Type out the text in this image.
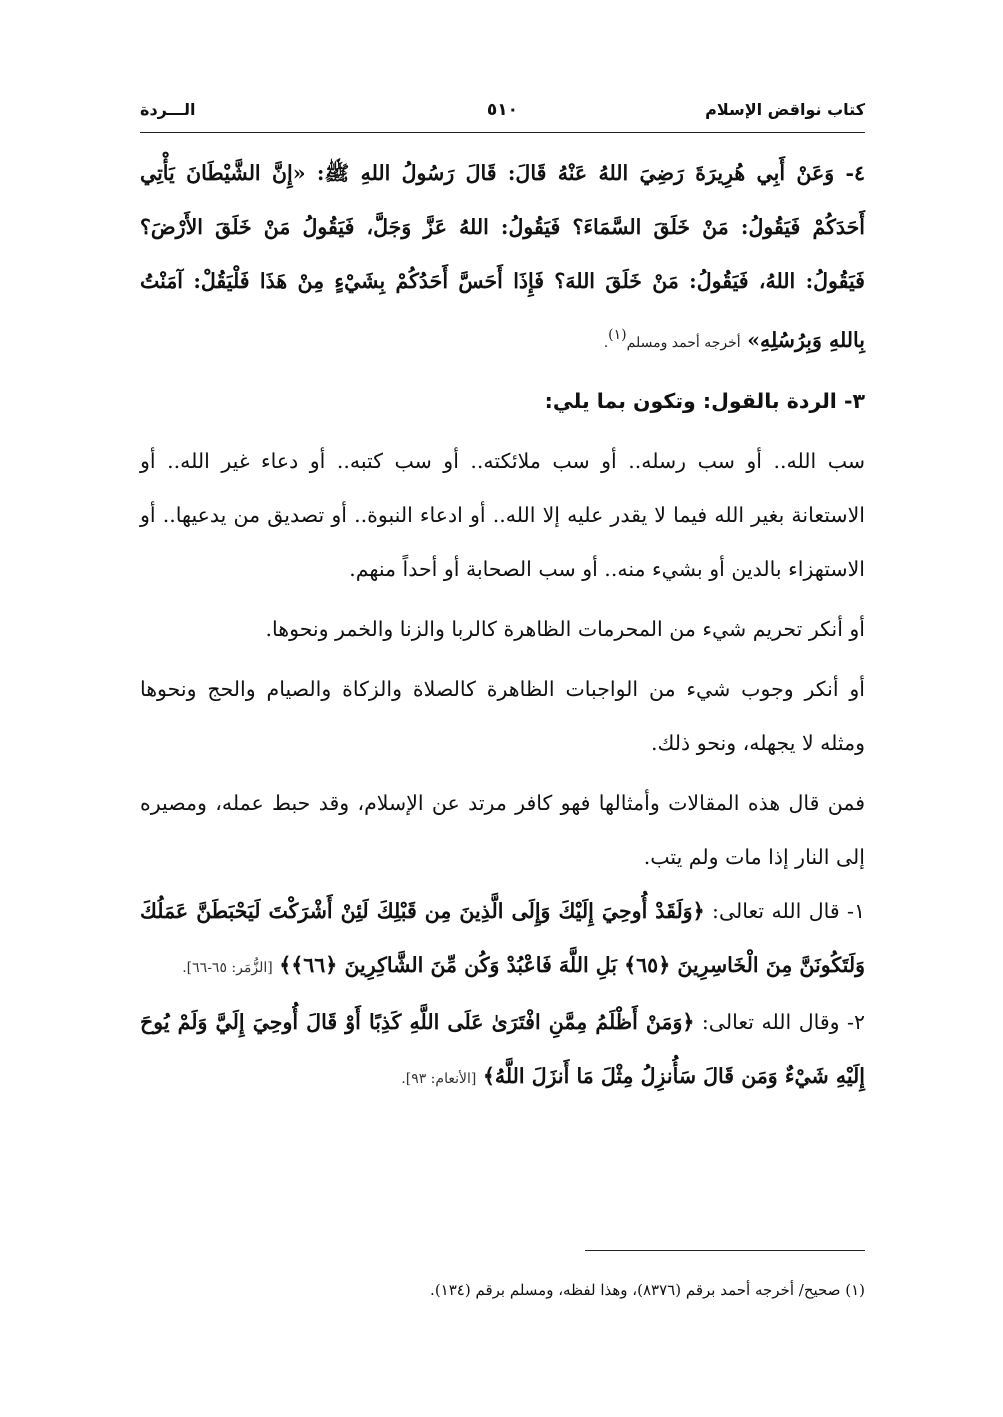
كتاب نواقض الإسلام
٥١٠
الـــردة

٤- وَعَنْ أَبِي هُرِيرَةَ رَضِيَ اللهُ عَنْهُ قَالَ: قَالَ رَسُولُ اللهِ ﷺ: «إِنَّ الشَّيْطَانَ يَأْتِي أَحَدَكُمْ فَيَقُولُ: مَنْ خَلَقَ السَّمَاءَ؟ فَيَقُولُ: اللهُ عَزَّ وَجَلَّ، فَيَقُولُ مَنْ خَلَقَ الأَرْضَ؟ فَيَقُولُ: اللهُ، فَيَقُولُ: مَنْ خَلَقَ اللهَ؟ فَإِذَا أَحَسَّ أَحَدُكُمْ بِشَيْءٍ مِنْ هَذَا فَلْيَقُلْ: آمَنْتُ بِاللهِ وَبِرُسُلِهِ» أخرجه أحمد ومسلم$^{(١)}$.

٣- الردة بالقول: وتكون بما يلي:

سب الله.. أو سب رسله.. أو سب ملائكته.. أو سب كتبه.. أو دعاء غير الله.. أو الاستعانة بغير الله فيما لا يقدر عليه إلا الله.. أو ادعاء النبوة.. أو تصديق من يدعيها.. أو الاستهزاء بالدين أو بشيء منه.. أو سب الصحابة أو أحداً منهم.

أو أنكر تحريم شيء من المحرمات الظاهرة كالربا والزنا والخمر ونحوها.

أو أنكر وجوب شيء من الواجبات الظاهرة كالصلاة والزكاة والصيام والحج ونحوها ومثله لا يجهله، ونحو ذلك.

فمن قال هذه المقالات وأمثالها فهو كافر مرتد عن الإسلام، وقد حبط عمله، ومصيره إلى النار إذا مات ولم يتب.

١- قال الله تعالى: ﴿وَلَقَدْ أُوحِيَ إِلَيْكَ وَإِلَى الَّذِينَ مِن قَبْلِكَ لَئِنْ أَشْرَكْتَ لَيَحْبَطَنَّ عَمَلُكَ وَلَتَكُونَنَّ مِنَ الْخَاسِرِينَ ﴿٦٥﴾ بَلِ اللَّهَ فَاعْبُدْ وَكُن مِّنَ الشَّاكِرِينَ ﴿٦٦﴾﴾ [الزُّمَر: ٦٥-٦٦].

٢- وقال الله تعالى: ﴿وَمَنْ أَظْلَمُ مِمَّنِ افْتَرَىٰ عَلَى اللَّهِ كَذِبًا أَوْ قَالَ أُوحِيَ إِلَيَّ وَلَمْ يُوحَ إِلَيْهِ شَيْءٌ وَمَن قَالَ سَأُنزِلُ مِثْلَ مَا أَنزَلَ اللَّهُ﴾ [الأنعام: ٩٣].

(١) صحيح/ أخرجه أحمد برقم (٨٣٧٦)، وهذا لفظه، ومسلم برقم (١٣٤).
